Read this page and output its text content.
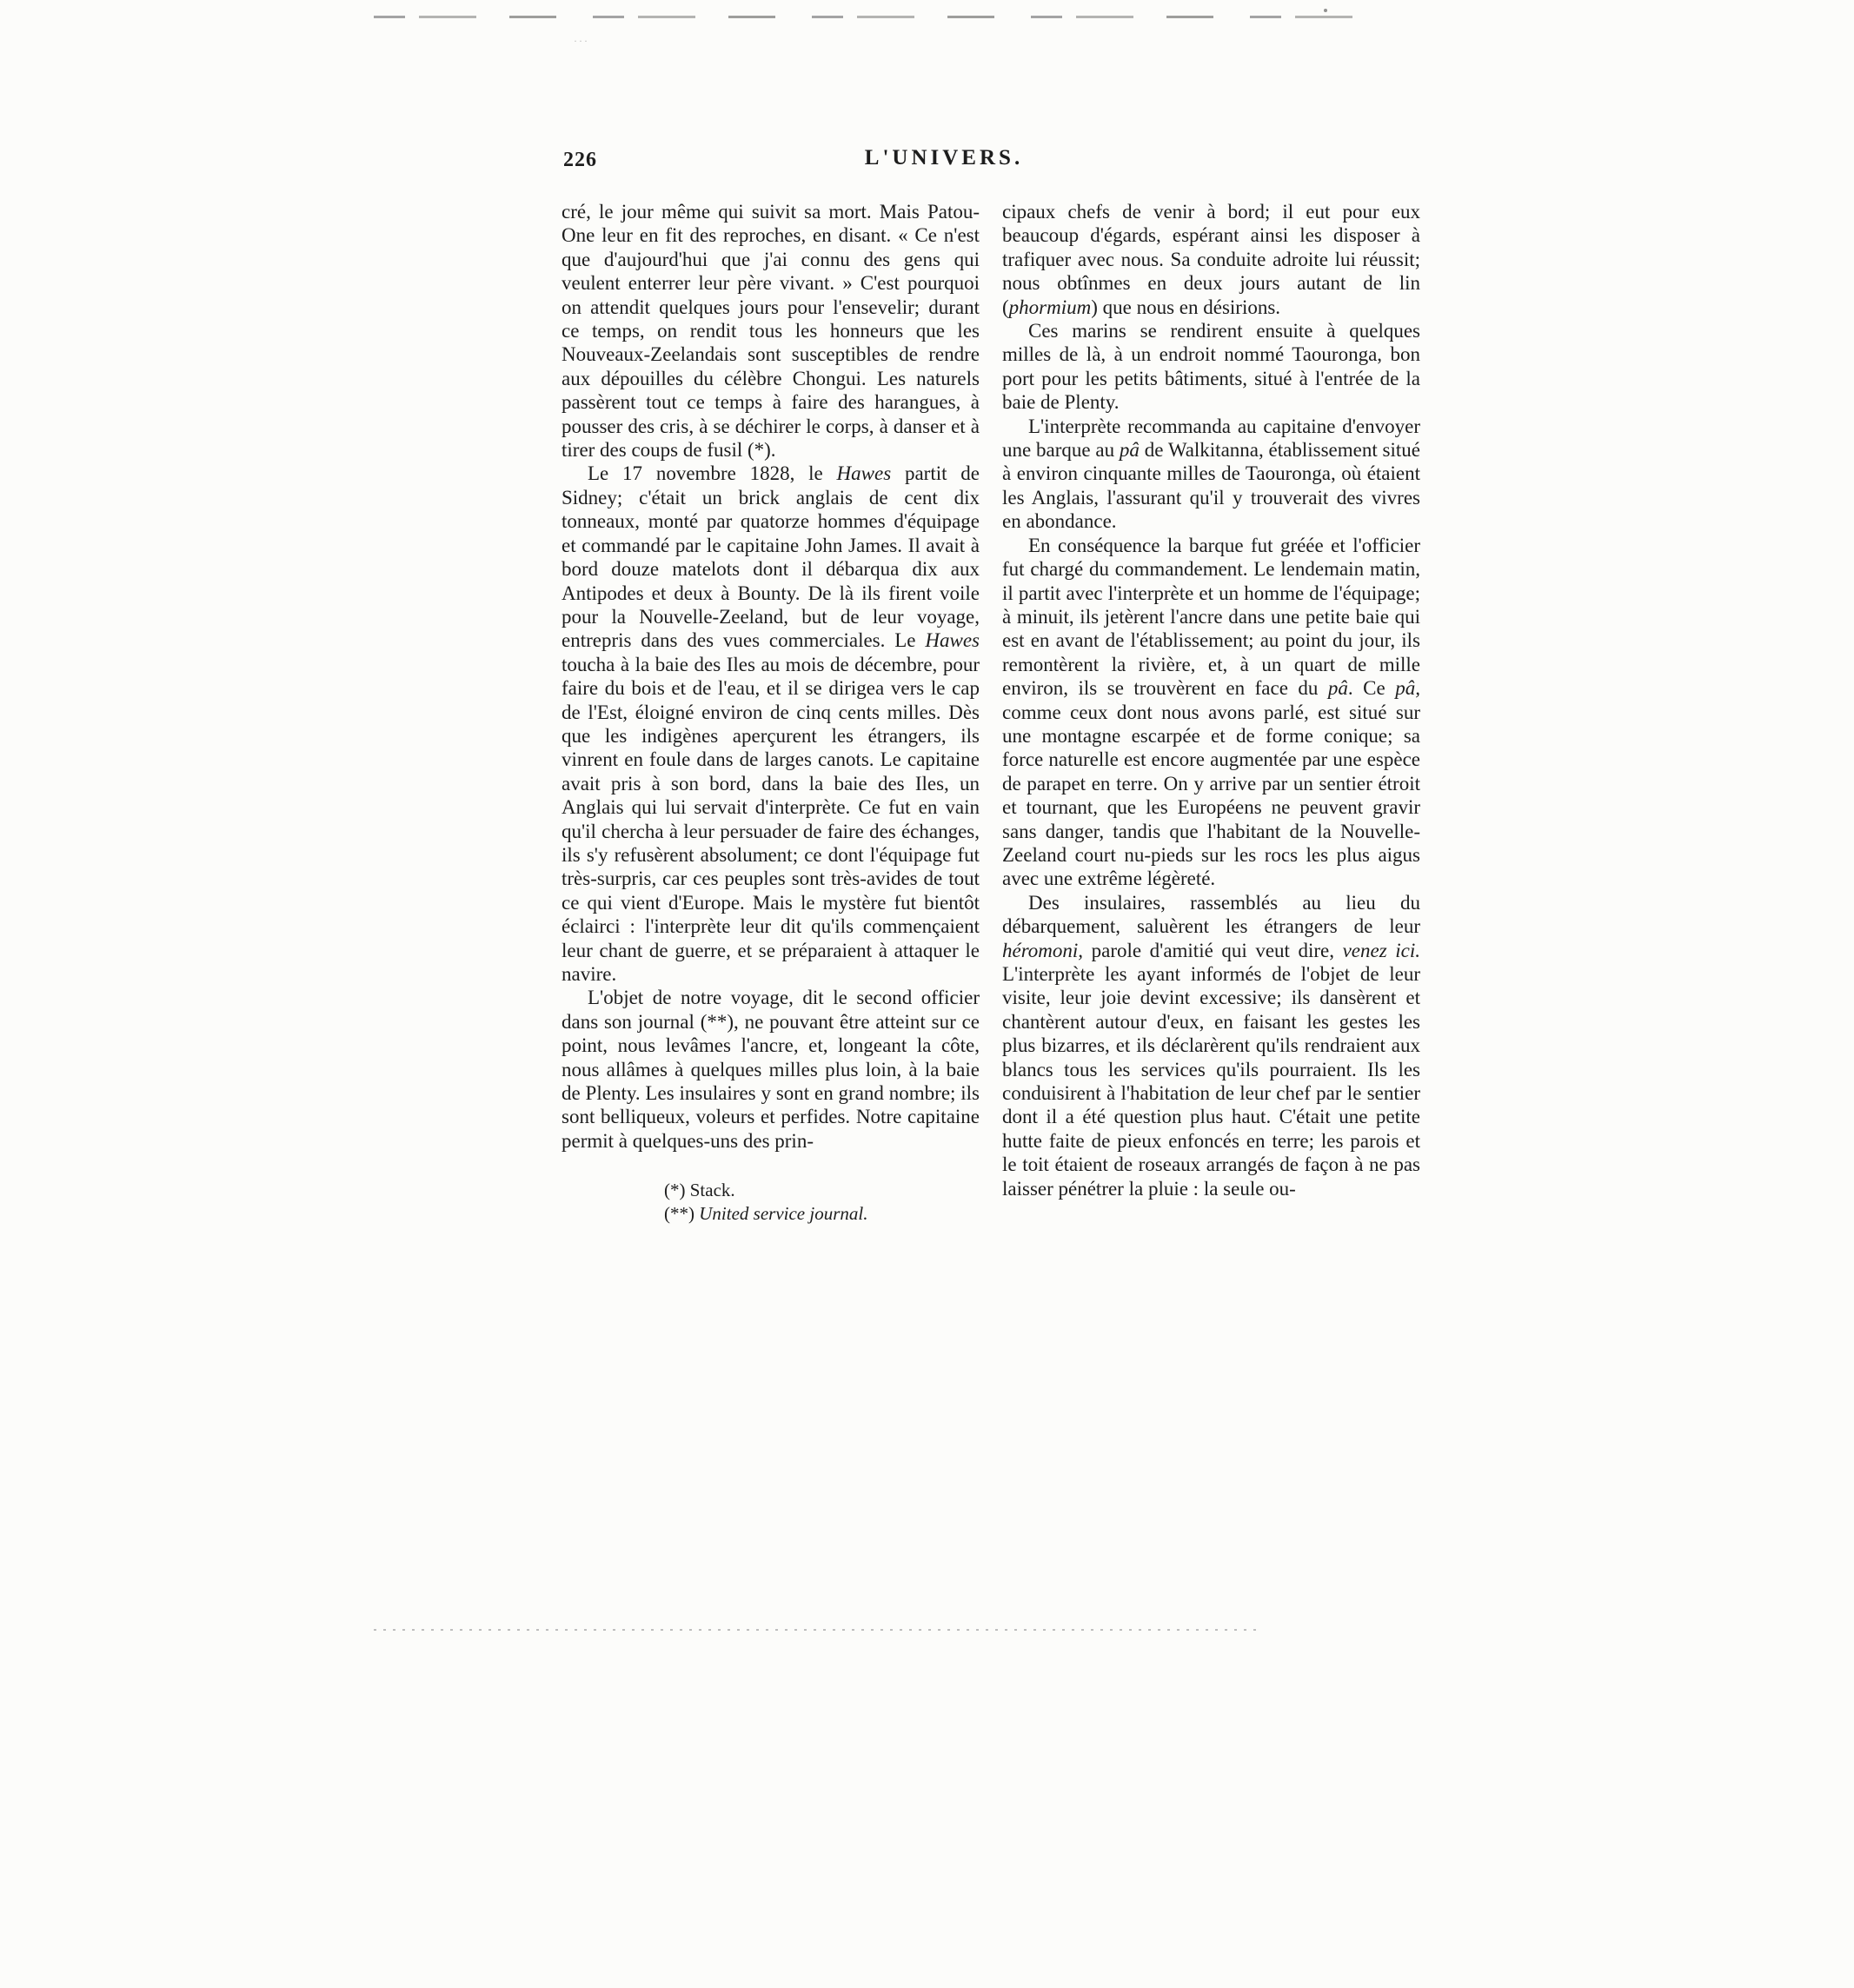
···
226	L'UNIVERS.

cré, le jour même qui suivit sa mort. Mais Patou-One leur en fit des reproches, en disant. « Ce n'est que d'aujourd'hui que j'ai connu des gens qui veulent enterrer leur père vivant. » C'est pourquoi on attendit quelques jours pour l'ensevelir; durant ce temps, on rendit tous les honneurs que les Nouveaux-Zeelandais sont susceptibles de rendre aux dépouilles du célèbre Chongui. Les naturels passèrent tout ce temps à faire des harangues, à pousser des cris, à se déchirer le corps, à danser et à tirer des coups de fusil (*).

Le 17 novembre 1828, le Hawes partit de Sidney; c'était un brick anglais de cent dix tonneaux, monté par quatorze hommes d'équipage et commandé par le capitaine John James. Il avait à bord douze matelots dont il débarqua dix aux Antipodes et deux à Bounty. De là ils firent voile pour la Nouvelle-Zeeland, but de leur voyage, entrepris dans des vues commerciales. Le Hawes toucha à la baie des Iles au mois de décembre, pour faire du bois et de l'eau, et il se dirigea vers le cap de l'Est, éloigné environ de cinq cents milles. Dès que les indigènes aperçurent les étrangers, ils vinrent en foule dans de larges canots. Le capitaine avait pris à son bord, dans la baie des Iles, un Anglais qui lui servait d'interprète. Ce fut en vain qu'il chercha à leur persuader de faire des échanges, ils s'y refusèrent absolument; ce dont l'équipage fut très-surpris, car ces peuples sont très-avides de tout ce qui vient d'Europe. Mais le mystère fut bientôt éclairci : l'interprète leur dit qu'ils commençaient leur chant de guerre, et se préparaient à attaquer le navire.

L'objet de notre voyage, dit le second officier dans son journal (**), ne pouvant être atteint sur ce point, nous levâmes l'ancre, et, longeant la côte, nous allâmes à quelques milles plus loin, à la baie de Plenty. Les insulaires y sont en grand nombre; ils sont belliqueux, voleurs et perfides. Notre capitaine permit à quelques-uns des prin-

(*) Stack.

(**) United service journal.

cipaux chefs de venir à bord; il eut pour eux beaucoup d'égards, espérant ainsi les disposer à trafiquer avec nous. Sa conduite adroite lui réussit; nous obtînmes en deux jours autant de lin (phormium) que nous en désirions.

Ces marins se rendirent ensuite à quelques milles de là, à un endroit nommé Taouronga, bon port pour les petits bâtiments, situé à l'entrée de la baie de Plenty.

L'interprète recommanda au capitaine d'envoyer une barque au pâ de Walkitanna, établissement situé à environ cinquante milles de Taouronga, où étaient les Anglais, l'assurant qu'il y trouverait des vivres en abondance.

En conséquence la barque fut gréée et l'officier fut chargé du commandement. Le lendemain matin, il partit avec l'interprète et un homme de l'équipage; à minuit, ils jetèrent l'ancre dans une petite baie qui est en avant de l'établissement; au point du jour, ils remontèrent la rivière, et, à un quart de mille environ, ils se trouvèrent en face du pâ. Ce pâ, comme ceux dont nous avons parlé, est situé sur une montagne escarpée et de forme conique; sa force naturelle est encore augmentée par une espèce de parapet en terre. On y arrive par un sentier étroit et tournant, que les Européens ne peuvent gravir sans danger, tandis que l'habitant de la Nouvelle-Zeeland court nu-pieds sur les rocs les plus aigus avec une extrême légèreté.

Des insulaires, rassemblés au lieu du débarquement, saluèrent les étrangers de leur héromoni, parole d'amitié qui veut dire, venez ici. L'interprète les ayant informés de l'objet de leur visite, leur joie devint excessive; ils dansèrent et chantèrent autour d'eux, en faisant les gestes les plus bizarres, et ils déclarèrent qu'ils rendraient aux blancs tous les services qu'ils pourraient. Ils les conduisirent à l'habitation de leur chef par le sentier dont il a été question plus haut. C'était une petite hutte faite de pieux enfoncés en terre; les parois et le toit étaient de roseaux arrangés de façon à ne pas laisser pénétrer la pluie : la seule ou-
